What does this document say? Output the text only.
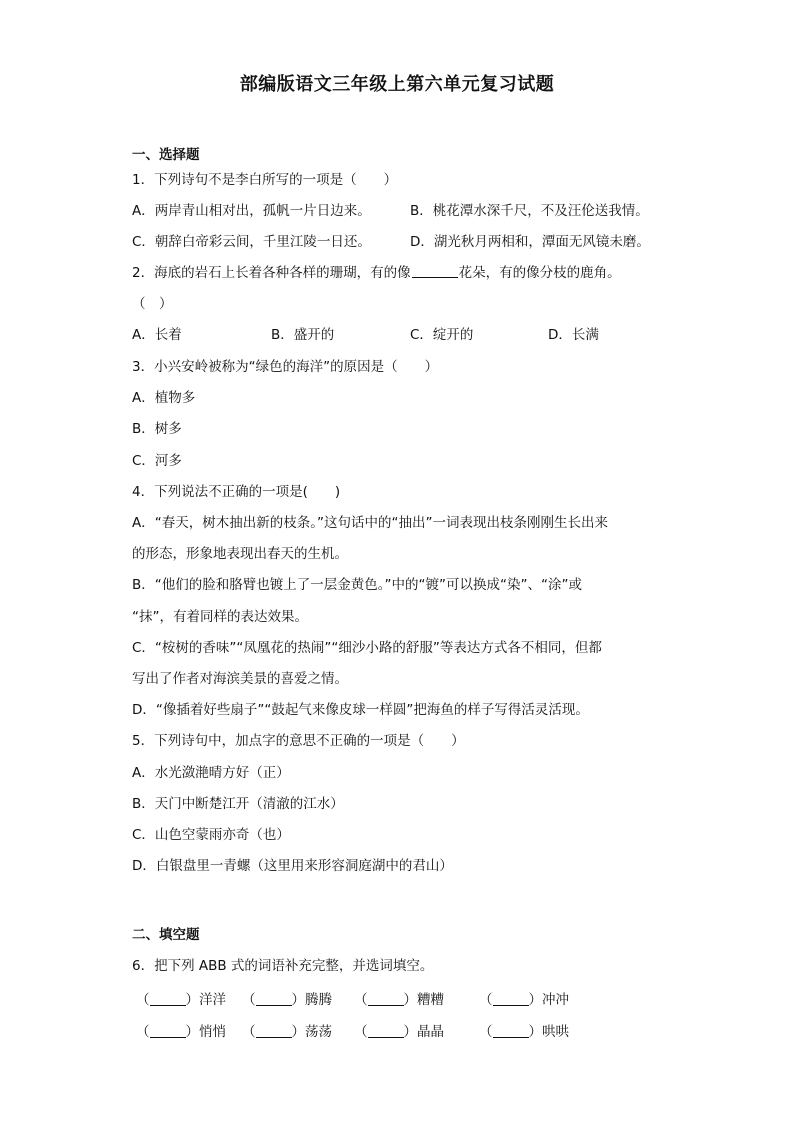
部编版语文三年级上第六单元复习试题
一、选择题
1．下列诗句不是李白所写的一项是（　　）
A．两岸青山相对出，孤帆一片日边来。	B．桃花潭水深千尺，不及汪伦送我情。
C．朝辞白帝彩云间，千里江陵一日还。	D．湖光秋月两相和，潭面无风镜未磨。
2．海底的岩石上长着各种各样的珊瑚，有的像	花朵，有的像分枝的鹿角。
（　）
A．长着	B．盛开的	C．绽开的	D．长满
3．小兴安岭被称为“绿色的海洋”的原因是（　　）
A．植物多
B．树多
C．河多
4．下列说法不正确的一项是(　　)
A．“春天，树木抽出新的枝条。”这句话中的“抽出”一词表现出枝条刚刚生长出来
的形态，形象地表现出春天的生机。
B．“他们的脸和胳臂也镀上了一层金黄色。”中的“镀”可以换成“染”、“涂”或
“抹”，有着同样的表达效果。
C．“桉树的香味”“凤凰花的热闹”“细沙小路的舒服”等表达方式各不相同，但都
写出了作者对海滨美景的喜爱之情。
D．“像插着好些扇子”“鼓起气来像皮球一样圆”把海鱼的样子写得活灵活现。
5．下列诗句中，加点字的意思不正确的一项是（　　）
A．水光潋滟晴方好（正）
B．天门中断楚江开（清澈的江水）
C．山色空蒙雨亦奇（也）
D．白银盘里一青螺（这里用来形容洞庭湖中的君山）
二、填空题
6．把下列 ABB 式的词语补充完整，并选词填空。
（	）洋洋 （	）腾腾 （	）糟糟	（	）冲冲
（	）悄悄 （	）荡荡 （	）晶晶	（	）哄哄
